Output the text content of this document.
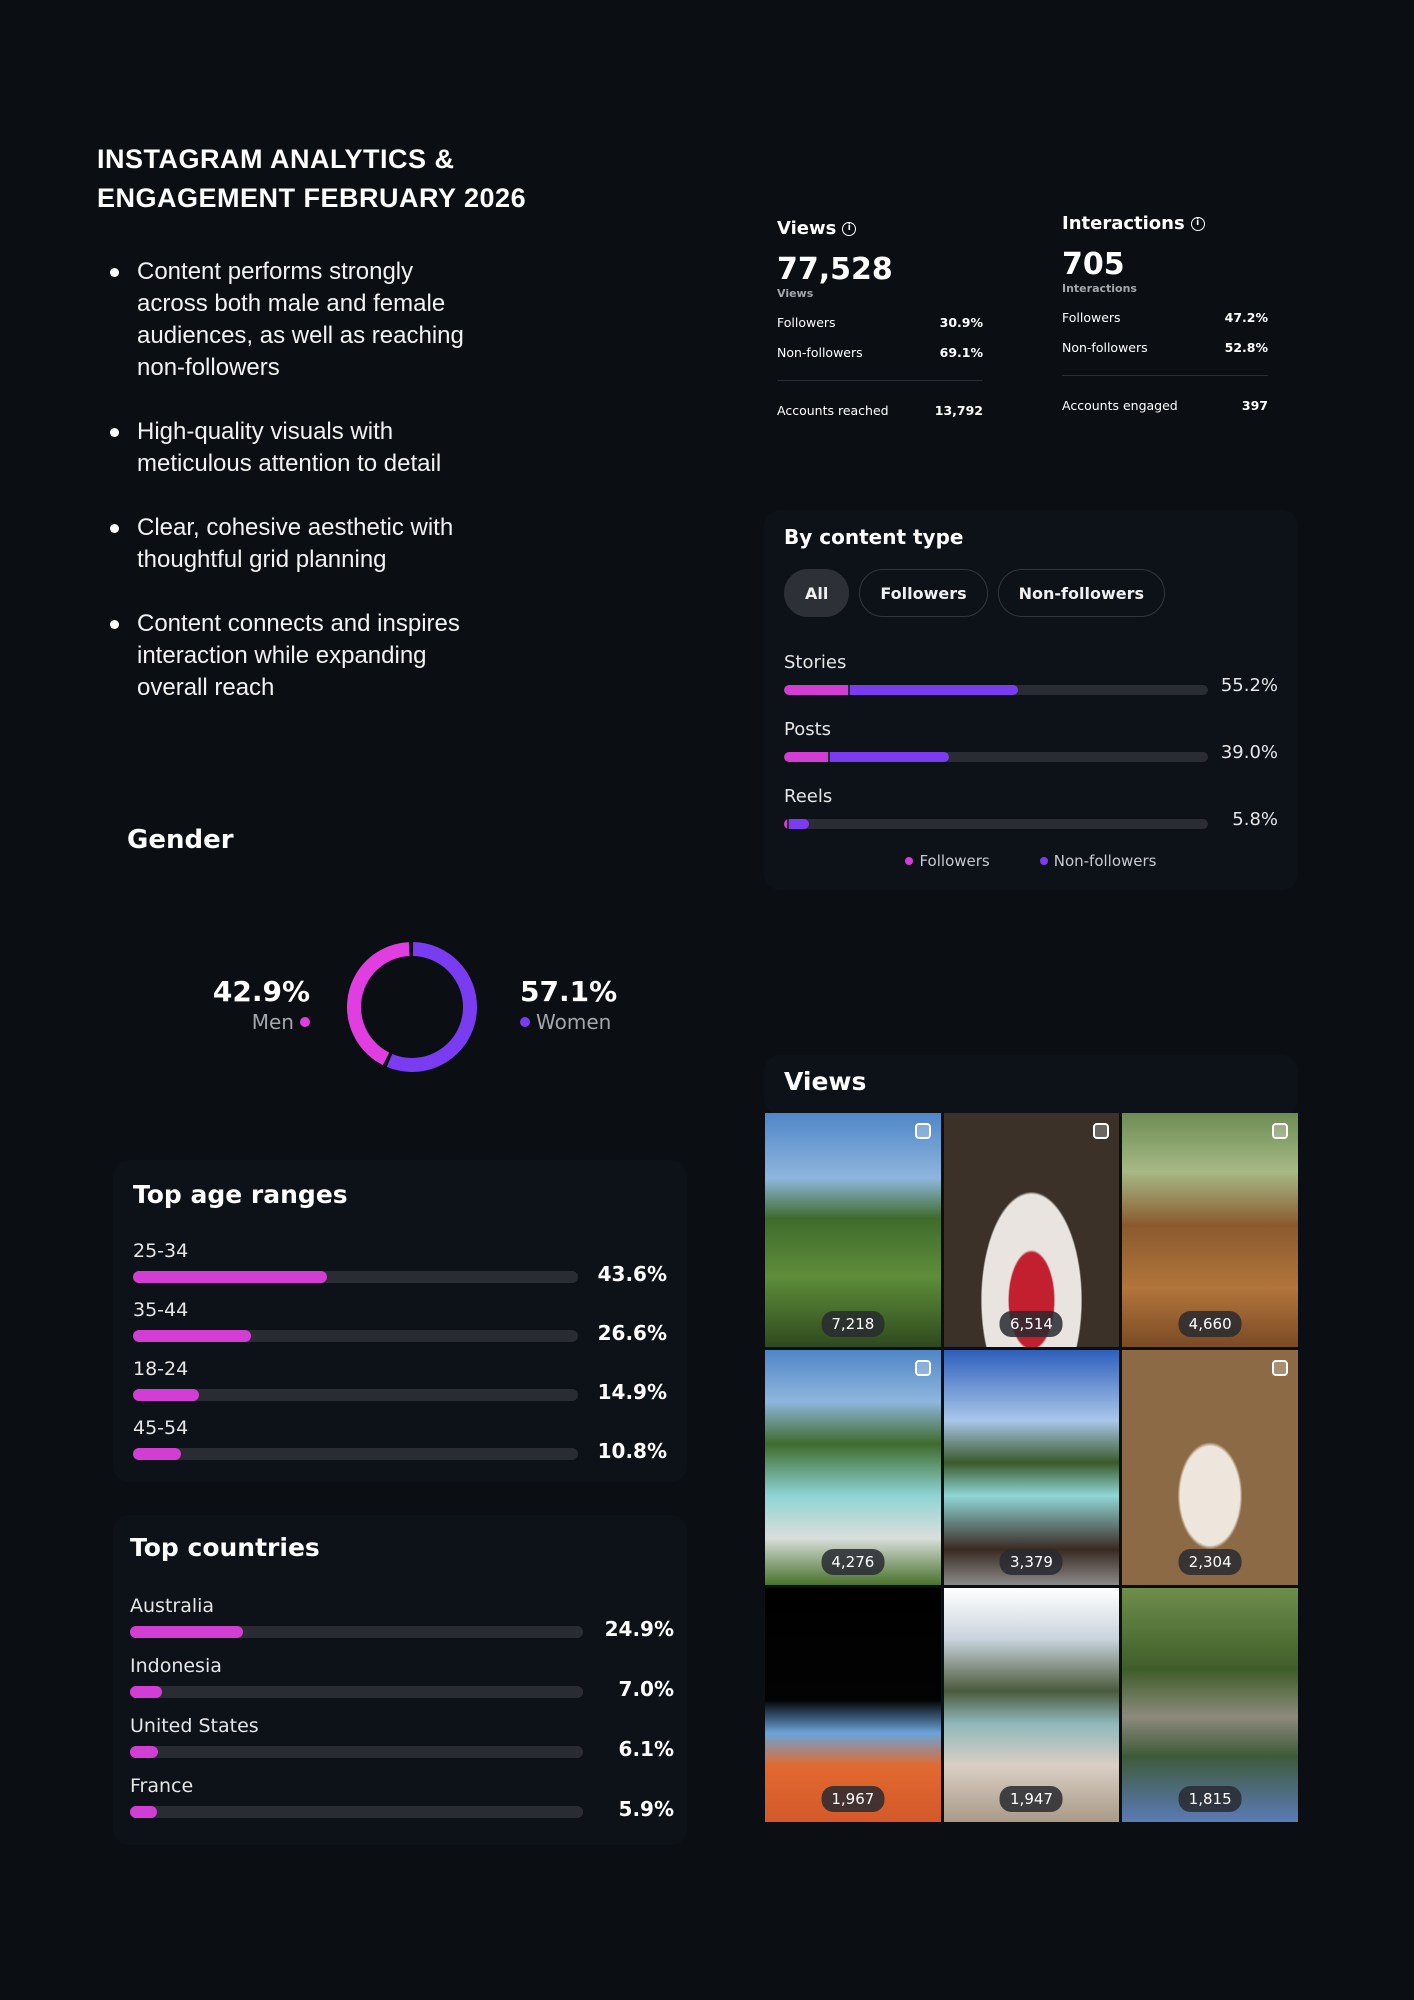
INSTAGRAM ANALYTICS & ENGAGEMENT FEBRUARY 2026
Content performs strongly across both male and female audiences, as well as reaching non-followers
High-quality visuals with meticulous attention to detail
Clear, cohesive aesthetic with thoughtful grid planning
Content connects and inspires interaction while expanding overall reach
Gender
42.9%
Men
57.1%
Women
Top age ranges
25-34
43.6%
35-44
26.6%
18-24
14.9%
45-54
10.8%
Top countries
Australia
24.9%
Indonesia
7.0%
United States
6.1%
France
5.9%
Views	i
77,528
Views
Followers	30.9%
Non-followers	69.1%
Accounts reached	13,792
Interactions	i
705
Interactions
Followers	47.2%
Non-followers	52.8%
Accounts engaged	397
By content type
All	Followers	Non-followers
Stories
55.2%
Posts
39.0%
Reels
5.8%
Followers	Non-followers
Views
7,218	6,514	4,660
4,276	3,379	2,304
1,967	1,947	1,815
